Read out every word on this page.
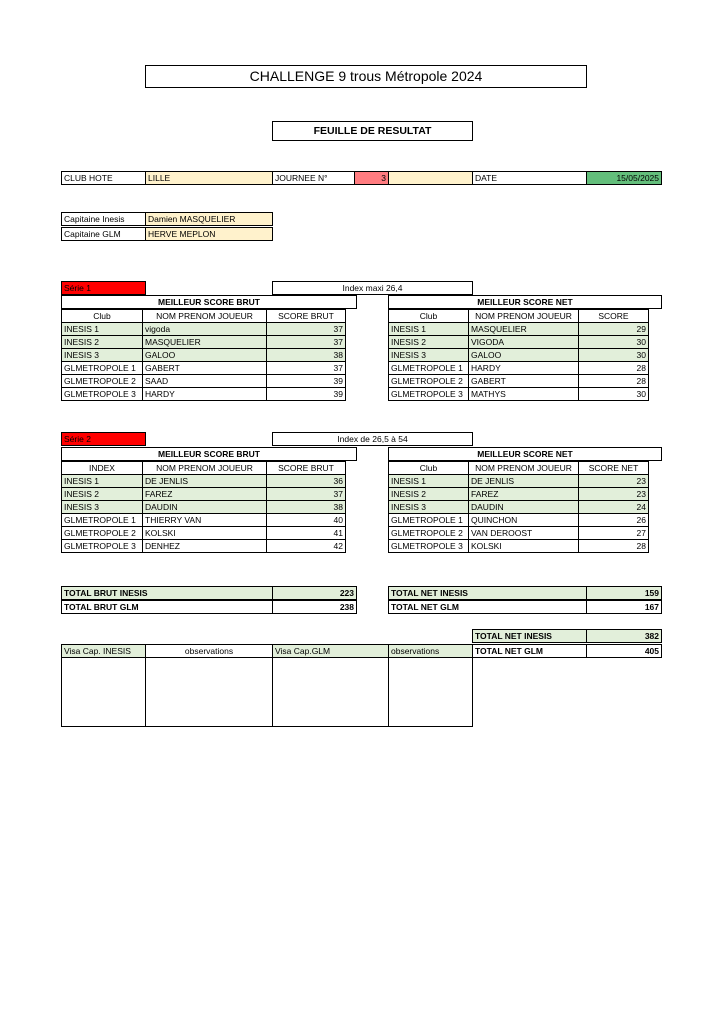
CHALLENGE 9 trous Métropole 2024
FEUILLE DE RESULTAT
CLUB HOTE	LILLE	JOURNEE N°	3	DATE	15/05/2025
Capitaine Inesis	Damien MASQUELIER
Capitaine GLM	HERVE MEPLON
Série 1	Index maxi 26,4
MEILLEUR SCORE BRUT	MEILLEUR SCORE NET
Club	NOM PRENOM JOUEUR	SCORE BRUT
INESIS 1	vigoda	37
INESIS 2	MASQUELIER	37
INESIS 3	GALOO	38
GLMETROPOLE 1	GABERT	37
GLMETROPOLE 2	SAAD	39
GLMETROPOLE 3	HARDY	39
Club	NOM PRENOM JOUEUR	SCORE
INESIS 1	MASQUELIER	29
INESIS 2	VIGODA	30
INESIS 3	GALOO	30
GLMETROPOLE 1	HARDY	28
GLMETROPOLE 2	GABERT	28
GLMETROPOLE 3	MATHYS	30
Série 2	Index de 26,5 à 54
MEILLEUR SCORE BRUT	MEILLEUR SCORE NET
INDEX	NOM PRENOM JOUEUR	SCORE BRUT
INESIS 1	DE JENLIS	36
INESIS 2	FAREZ	37
INESIS 3	DAUDIN	38
GLMETROPOLE 1	THIERRY VAN	40
GLMETROPOLE 2	KOLSKI	41
GLMETROPOLE 3	DENHEZ	42
Club	NOM PRENOM JOUEUR	SCORE NET
INESIS 1	DE JENLIS	23
INESIS 2	FAREZ	23
INESIS 3	DAUDIN	24
GLMETROPOLE 1	QUINCHON	26
GLMETROPOLE 2	VAN DEROOST	27
GLMETROPOLE 3	KOLSKI	28
TOTAL BRUT INESIS	223
TOTAL BRUT GLM	238
TOTAL NET INESIS	159
TOTAL NET GLM	167
TOTAL NET INESIS	382
TOTAL NET GLM	405
Visa Cap. INESIS	observations	Visa Cap.GLM	observations
